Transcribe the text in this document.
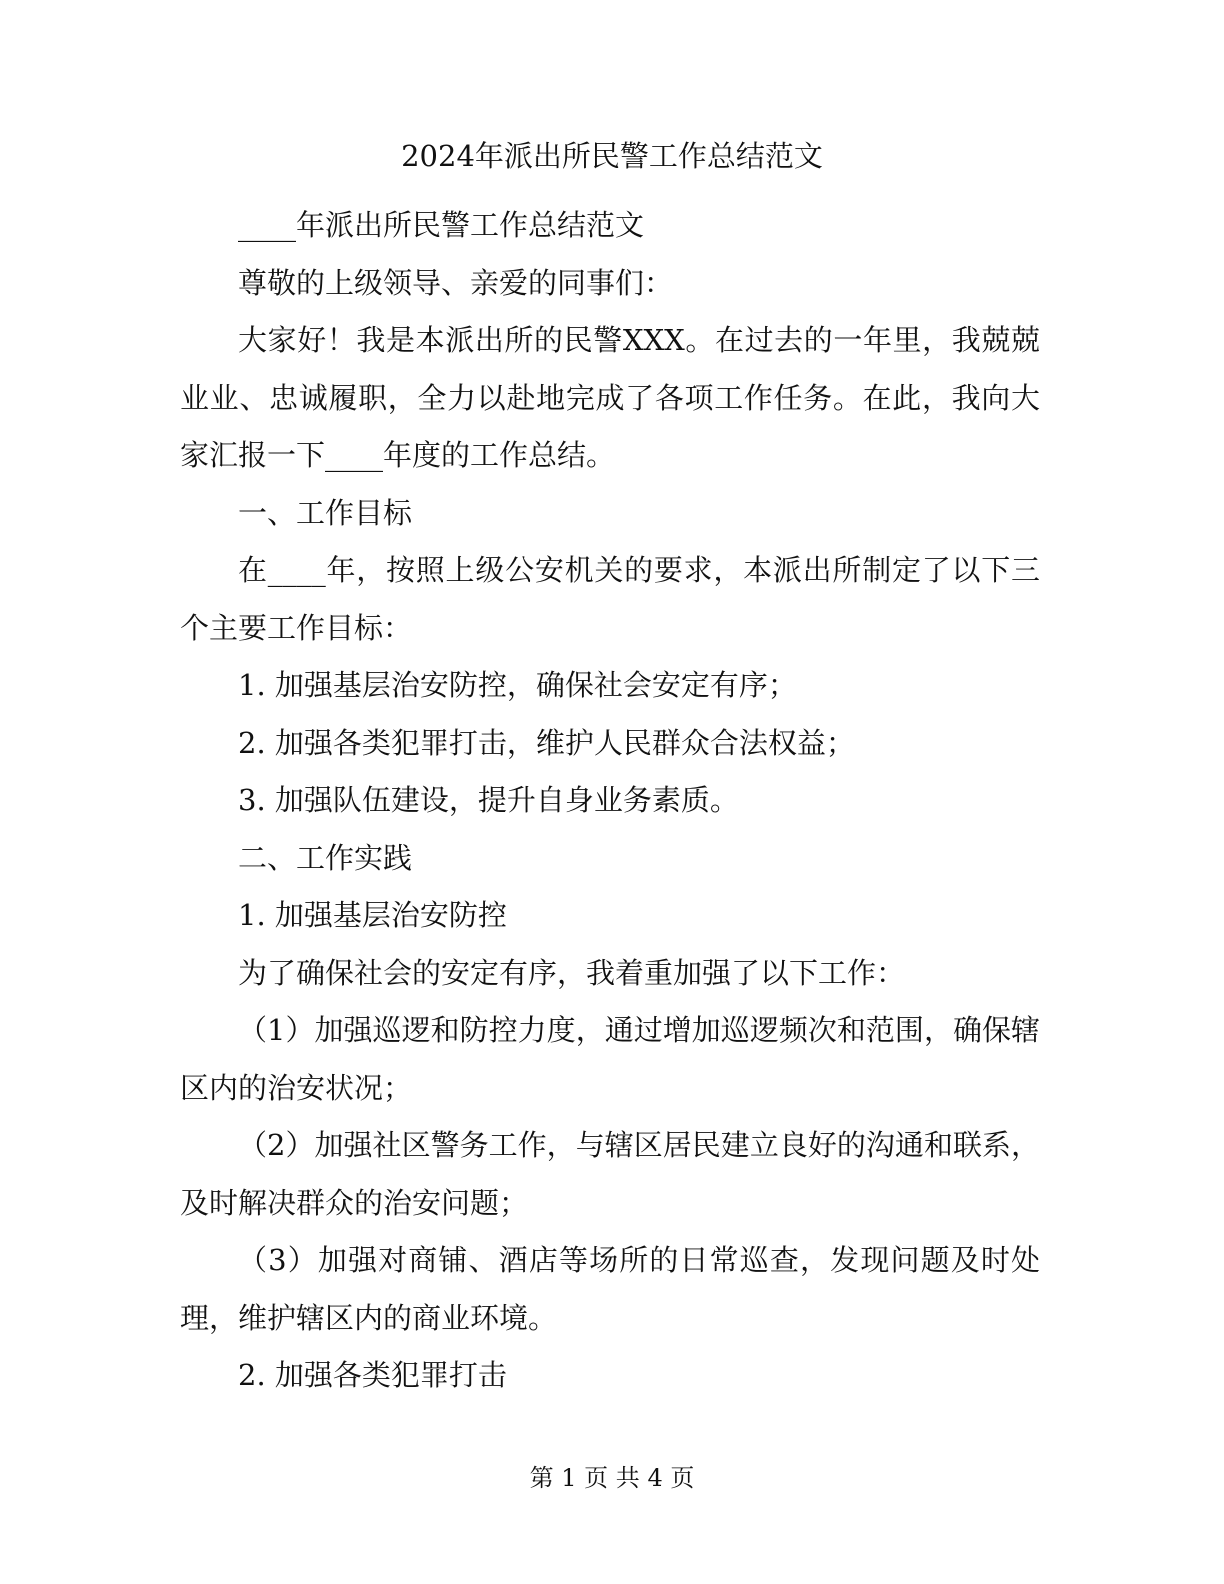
2024年派出所民警工作总结范文

____年派出所民警工作总结范文

尊敬的上级领导、亲爱的同事们：

大家好！我是本派出所的民警XXX。在过去的一年里，我兢兢业业、忠诚履职，全力以赴地完成了各项工作任务。在此，我向大家汇报一下____年度的工作总结。

一、工作目标

在____年，按照上级公安机关的要求，本派出所制定了以下三个主要工作目标：

1. 加强基层治安防控，确保社会安定有序；

2. 加强各类犯罪打击，维护人民群众合法权益；

3. 加强队伍建设，提升自身业务素质。

二、工作实践

1. 加强基层治安防控

为了确保社会的安定有序，我着重加强了以下工作：

（1）加强巡逻和防控力度，通过增加巡逻频次和范围，确保辖区内的治安状况；

（2）加强社区警务工作，与辖区居民建立良好的沟通和联系，及时解决群众的治安问题；

（3）加强对商铺、酒店等场所的日常巡查，发现问题及时处理，维护辖区内的商业环境。

2. 加强各类犯罪打击

第 1 页 共 4 页
